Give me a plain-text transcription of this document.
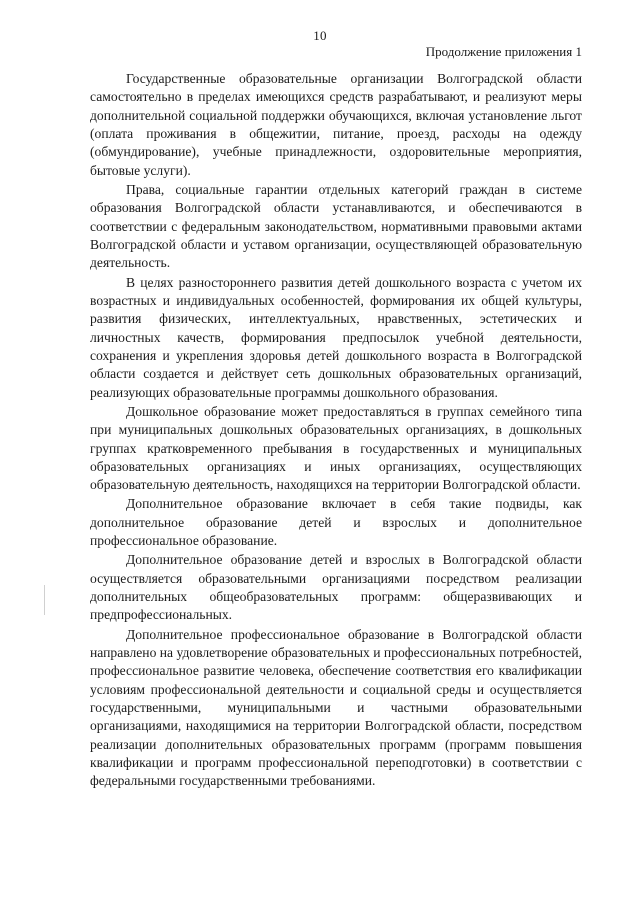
10
Продолжение приложения 1

Государственные образовательные организации Волгоградской области самостоятельно в пределах имеющихся средств разрабатывают, и реализуют меры дополнительной социальной поддержки обучающихся, включая установление льгот (оплата проживания в общежитии, питание, проезд, расходы на одежду (обмундирование), учебные принадлежности, оздоровительные мероприятия, бытовые услуги).

Права, социальные гарантии отдельных категорий граждан в системе образования Волгоградской области устанавливаются, и обеспечиваются в соответствии с федеральным законодательством, нормативными правовыми актами Волгоградской области и уставом организации, осуществляющей образовательную деятельность.

В целях разностороннего развития детей дошкольного возраста с учетом их возрастных и индивидуальных особенностей, формирования их общей культуры, развития физических, интеллектуальных, нравственных, эстетических и личностных качеств, формирования предпосылок учебной деятельности, сохранения и укрепления здоровья детей дошкольного возраста в Волгоградской области создается и действует сеть дошкольных образовательных организаций, реализующих образовательные программы дошкольного образования.

Дошкольное образование может предоставляться в группах семейного типа при муниципальных дошкольных образовательных организациях, в дошкольных группах кратковременного пребывания в государственных и муниципальных образовательных организациях и иных организациях, осуществляющих образовательную деятельность, находящихся на территории Волгоградской области.

Дополнительное образование включает в себя такие подвиды, как дополнительное образование детей и взрослых и дополнительное профессиональное образование.

Дополнительное образование детей и взрослых в Волгоградской области осуществляется образовательными организациями посредством реализации дополнительных общеобразовательных программ: общеразвивающих и предпрофессиональных.

Дополнительное профессиональное образование в Волгоградской области направлено на удовлетворение образовательных и профессиональных потребностей, профессиональное развитие человека, обеспечение соответствия его квалификации условиям профессиональной деятельности и социальной среды и осуществляется государственными, муниципальными и частными образовательными организациями, находящимися на территории Волгоградской области, посредством реализации дополнительных образовательных программ (программ повышения квалификации и программ профессиональной переподготовки) в соответствии с федеральными государственными требованиями.
